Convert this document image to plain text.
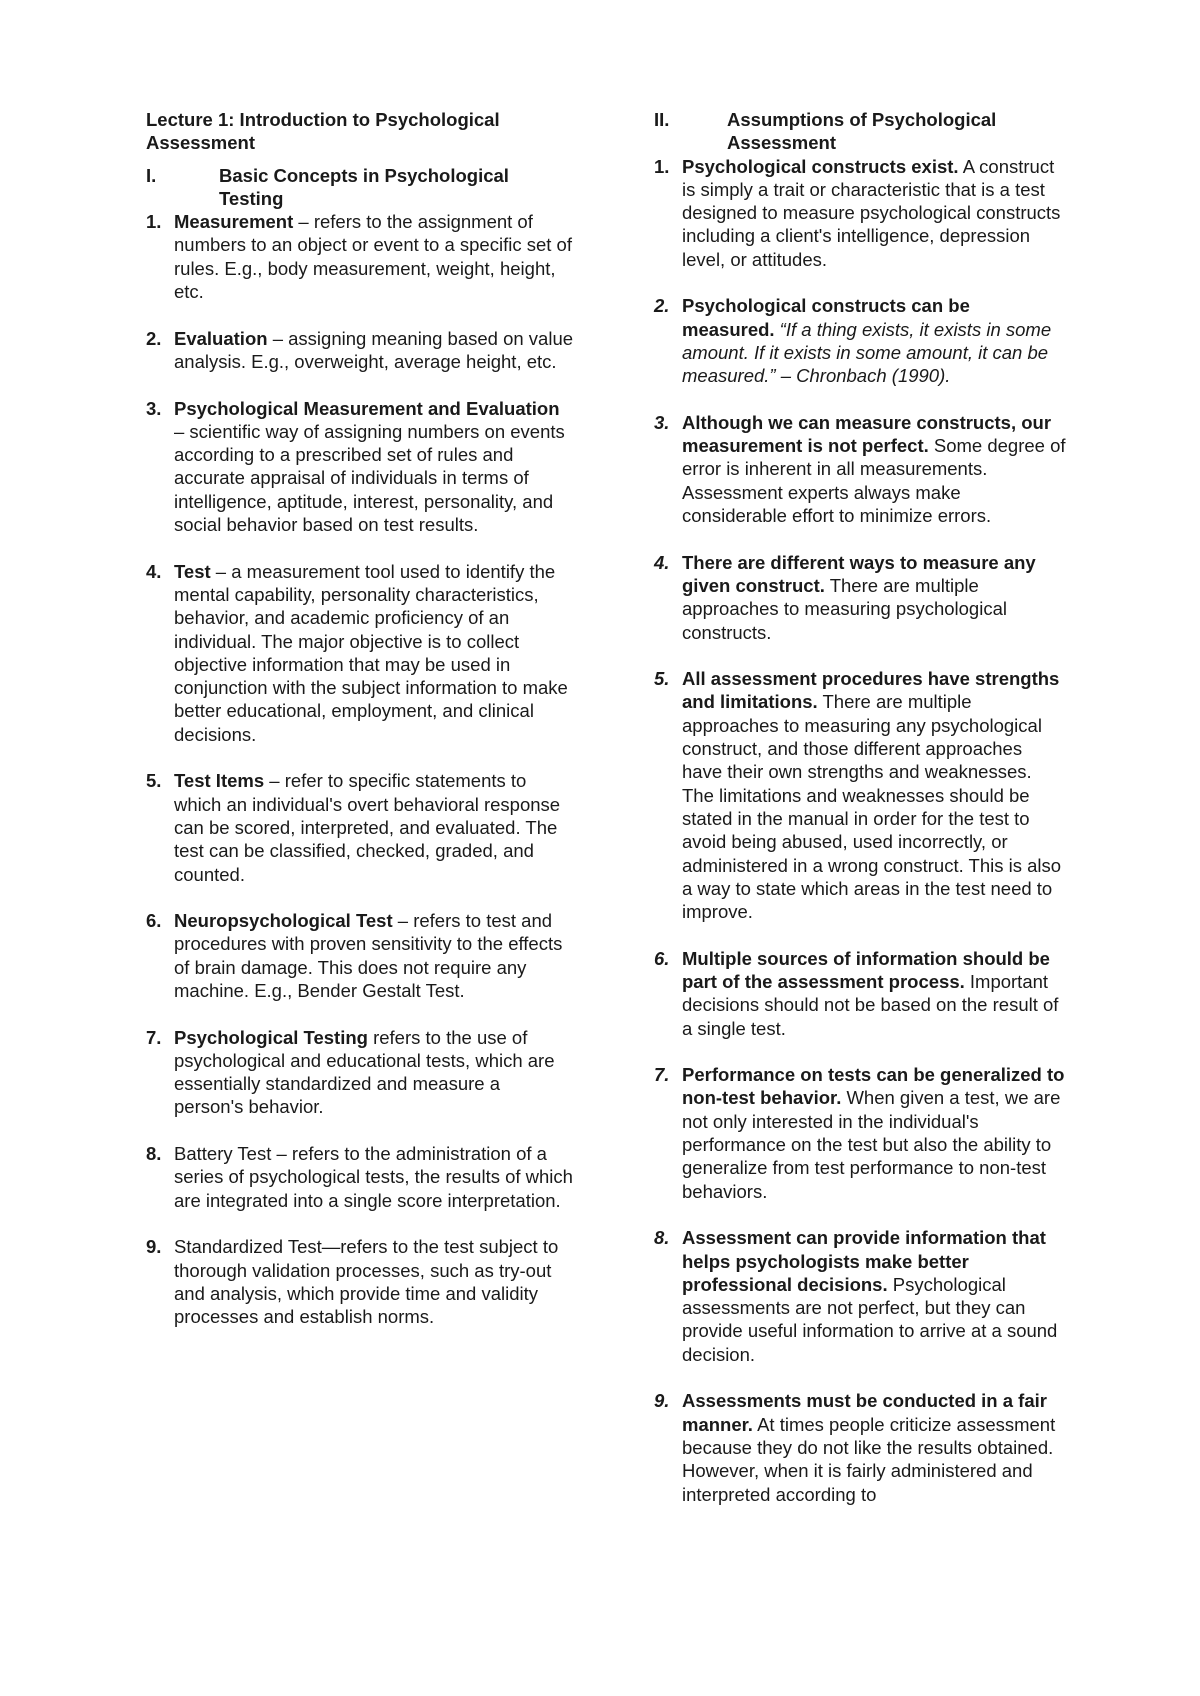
Lecture 1: Introduction to Psychological Assessment

I.	Basic Concepts in Psychological Testing
1. Measurement – refers to the assignment of numbers to an object or event to a specific set of rules. E.g., body measurement, weight, height, etc.
2. Evaluation – assigning meaning based on value analysis. E.g., overweight, average height, etc.
3. Psychological Measurement and Evaluation – scientific way of assigning numbers on events according to a prescribed set of rules and accurate appraisal of individuals in terms of intelligence, aptitude, interest, personality, and social behavior based on test results.
4. Test – a measurement tool used to identify the mental capability, personality characteristics, behavior, and academic proficiency of an individual. The major objective is to collect objective information that may be used in conjunction with the subject information to make better educational, employment, and clinical decisions.
5. Test Items – refer to specific statements to which an individual's overt behavioral response can be scored, interpreted, and evaluated. The test can be classified, checked, graded, and counted.
6. Neuropsychological Test – refers to test and procedures with proven sensitivity to the effects of brain damage. This does not require any machine. E.g., Bender Gestalt Test.
7. Psychological Testing refers to the use of psychological and educational tests, which are essentially standardized and measure a person's behavior.
8. Battery Test – refers to the administration of a series of psychological tests, the results of which are integrated into a single score interpretation.
9. Standardized Test—refers to the test subject to thorough validation processes, such as try-out and analysis, which provide time and validity processes and establish norms.
II.	Assumptions of Psychological Assessment
1. Psychological constructs exist. A construct is simply a trait or characteristic that is a test designed to measure psychological constructs including a client's intelligence, depression level, or attitudes.
2. Psychological constructs can be measured. “If a thing exists, it exists in some amount. If it exists in some amount, it can be measured.” – Chronbach (1990).
3. Although we can measure constructs, our measurement is not perfect. Some degree of error is inherent in all measurements. Assessment experts always make considerable effort to minimize errors.
4. There are different ways to measure any given construct. There are multiple approaches to measuring psychological constructs.
5. All assessment procedures have strengths and limitations. There are multiple approaches to measuring any psychological construct, and those different approaches have their own strengths and weaknesses. The limitations and weaknesses should be stated in the manual in order for the test to avoid being abused, used incorrectly, or administered in a wrong construct. This is also a way to state which areas in the test need to improve.
6. Multiple sources of information should be part of the assessment process. Important decisions should not be based on the result of a single test.
7. Performance on tests can be generalized to non-test behavior. When given a test, we are not only interested in the individual's performance on the test but also the ability to generalize from test performance to non-test behaviors.
8. Assessment can provide information that helps psychologists make better professional decisions. Psychological assessments are not perfect, but they can provide useful information to arrive at a sound decision.
9. Assessments must be conducted in a fair manner. At times people criticize assessment because they do not like the results obtained. However, when it is fairly administered and interpreted according to
